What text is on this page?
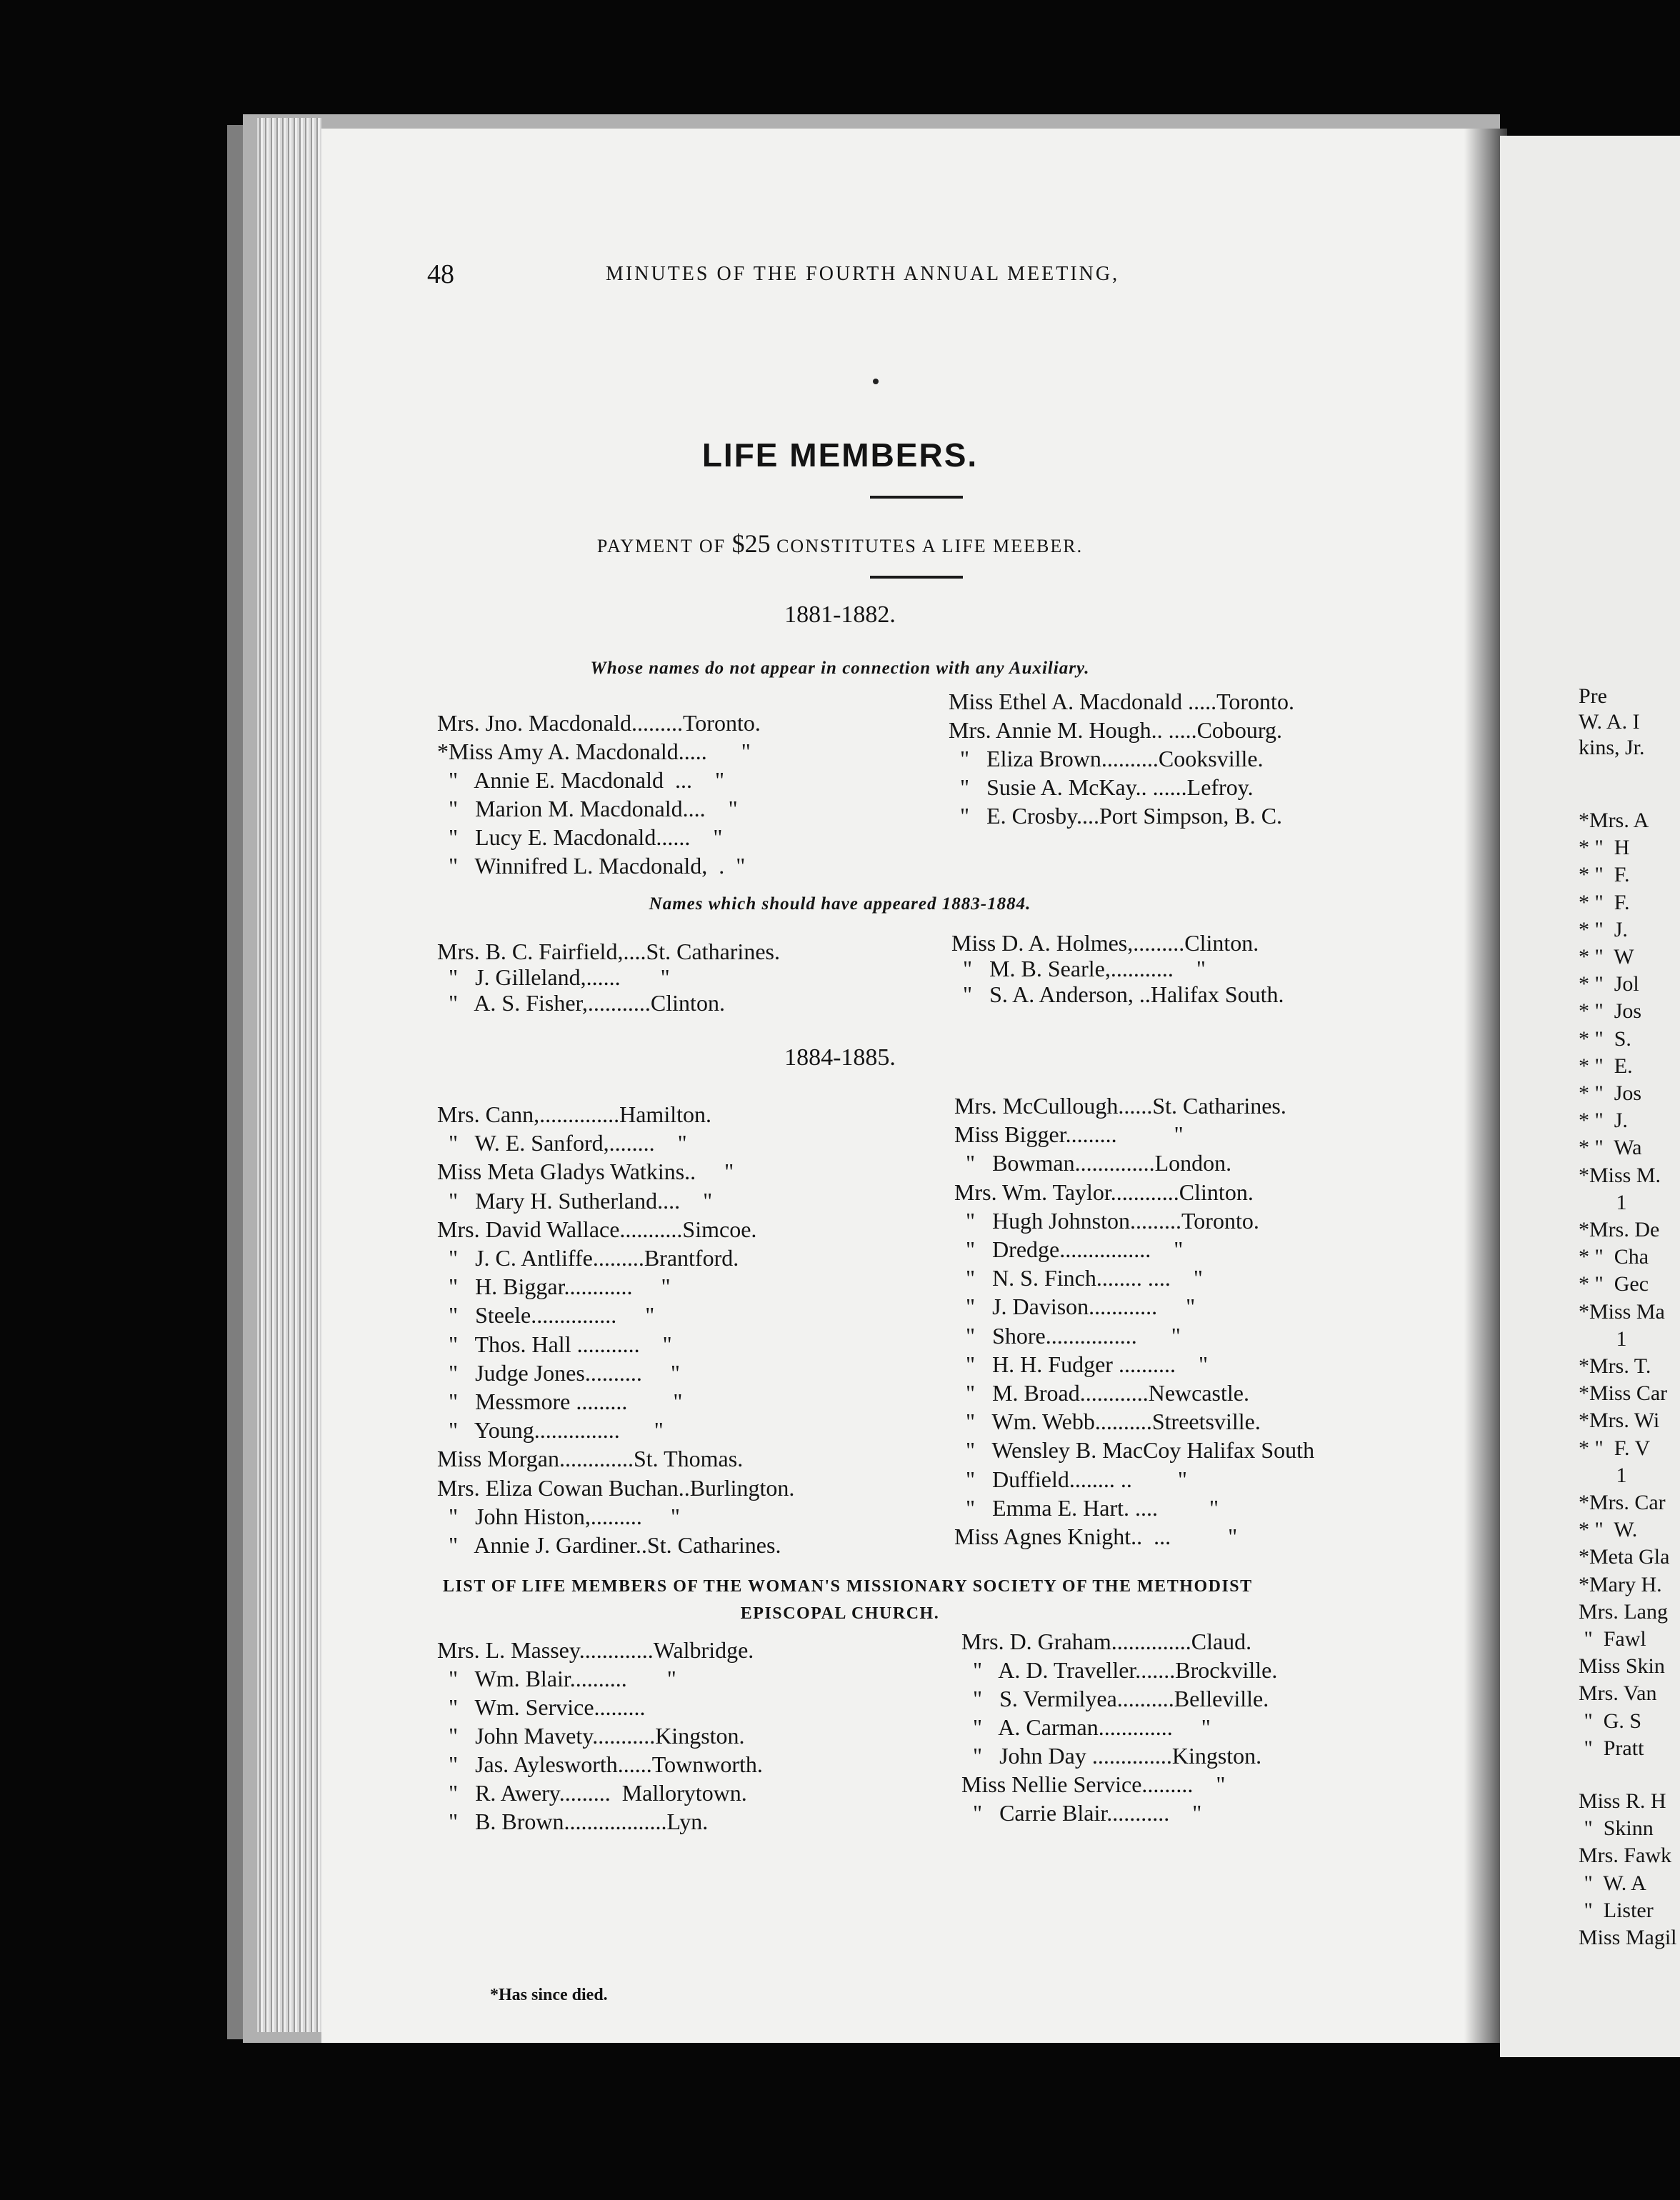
48	MINUTES OF THE FOURTH ANNUAL MEETING,
LIFE MEMBERS.
PAYMENT OF $25 CONSTITUTES A LIFE MEEBER.
1881-1882.
Whose names do not appear in connection with any Auxiliary.
Mrs. Jno. Macdonald.........Toronto.
*Miss Amy A. Macdonald.....      "
"   Annie E. Macdonald  ...    "
"   Marion M. Macdonald....    "
"   Lucy E. Macdonald......    "
"   Winnifred L. Macdonald,  .  "
Miss Ethel A. Macdonald .....Toronto.
Mrs. Annie M. Hough.. .....Cobourg.
"   Eliza Brown..........Cooksville.
"   Susie A. McKay.. ......Lefroy.
"   E. Crosby....Port Simpson, B. C.
Names which should have appeared 1883-1884.
Mrs. B. C. Fairfield,....St. Catharines.
"   J. Gilleland,......       "
"   A. S. Fisher,...........Clinton.
Miss D. A. Holmes,.........Clinton.
"   M. B. Searle,...........    "
"   S. A. Anderson, ..Halifax South.
1884-1885.
Mrs. Cann,..............Hamilton.
"   W. E. Sanford,........    "
Miss Meta Gladys Watkins..     "
"   Mary H. Sutherland....    "
Mrs. David Wallace...........Simcoe.
"   J. C. Antliffe.........Brantford.
"   H. Biggar............     "
"   Steele...............     "
"   Thos. Hall ...........    "
"   Judge Jones..........     "
"   Messmore .........        "
"   Young...............      "
Miss Morgan.............St. Thomas.
Mrs. Eliza Cowan Buchan..Burlington.
"   John Histon,.........     "
"   Annie J. Gardiner..St. Catharines.
Mrs. McCullough......St. Catharines.
Miss Bigger.........          "
"   Bowman..............London.
Mrs. Wm. Taylor............Clinton.
"   Hugh Johnston.........Toronto.
"   Dredge................    "
"   N. S. Finch........ ....    "
"   J. Davison............     "
"   Shore................      "
"   H. H. Fudger ..........    "
"   M. Broad............Newcastle.
"   Wm. Webb..........Streetsville.
"   Wensley B. MacCoy Halifax South
"   Duffield........ ..        "
"   Emma E. Hart. ....         "
Miss Agnes Knight..  ...          "
LIST OF LIFE MEMBERS OF THE WOMAN'S MISSIONARY SOCIETY OF THE METHODIST
EPISCOPAL CHURCH.
Mrs. L. Massey.............Walbridge.
"   Wm. Blair..........       "
"   Wm. Service.........
"   John Mavety...........Kingston.
"   Jas. Aylesworth......Townworth.
"   R. Awery.........  Mallorytown.
"   B. Brown..................Lyn.
Mrs. D. Graham..............Claud.
"   A. D. Traveller.......Brockville.
"   S. Vermilyea..........Belleville.
"   A. Carman.............     "
"   John Day ..............Kingston.
Miss Nellie Service.........    "
"   Carrie Blair...........    "
*Has since died.
Pre
W. A. I
kins, Jr.
*Mrs. A
* "  H
* "  F.
* "  F.
* "  J.
* "  W
* "  Jol
* "  Jos
* "  S.
* "  E.
* "  Jos
* "  J.
* "  Wa
*Miss M.
1
*Mrs. De
* "  Cha
* "  Gec
*Miss Ma
1
*Mrs. T.
*Miss Car
*Mrs. Wi
* "  F. V
1
*Mrs. Car
* "  W.
*Meta Gla
*Mary H.
Mrs. Lang
"  Fawl
Miss Skin
Mrs. Van
"  G. S
"  Pratt
Miss R. H
"  Skinn
Mrs. Fawk
"  W. A
"  Lister
Miss Magil
